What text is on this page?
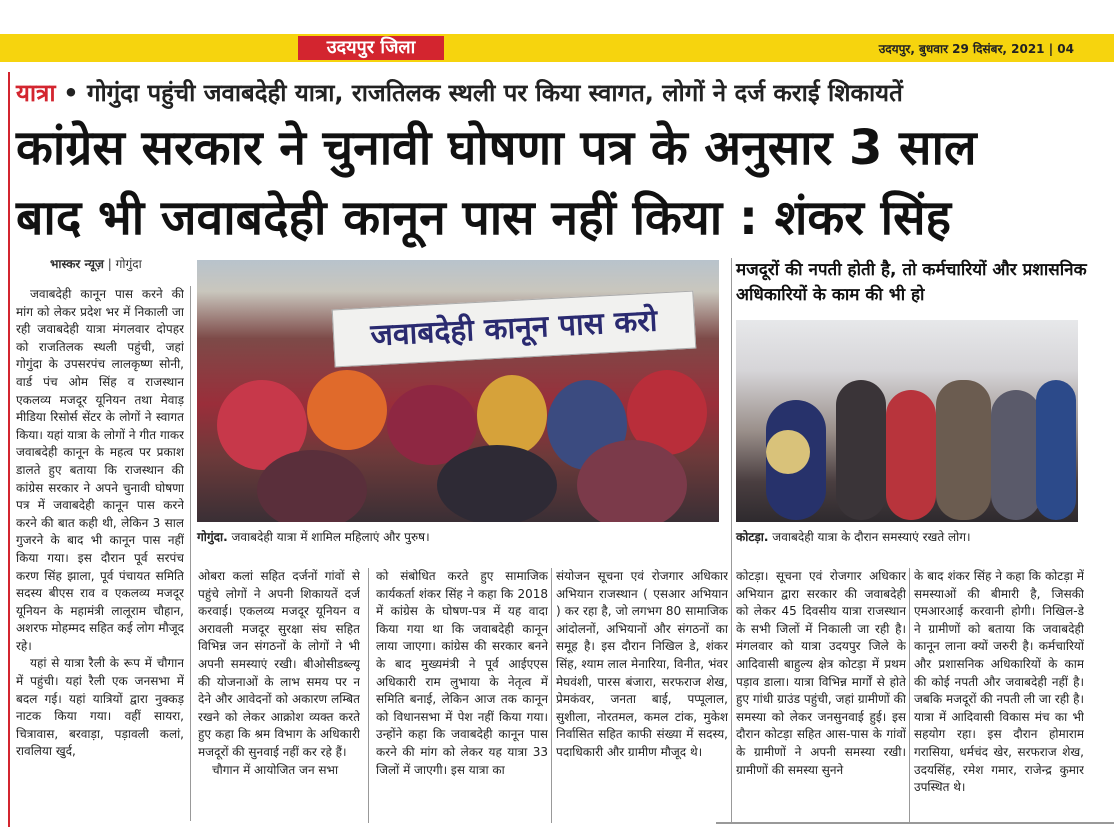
उदयपुर जिला	उदयपुर, बुधवार 29 दिसंबर, 2021 | 04
यात्रा • गोगुंदा पहुंची जवाबदेही यात्रा, राजतिलक स्थली पर किया स्वागत, लोगों ने दर्ज कराई शिकायतें
कांग्रेस सरकार ने चुनावी घोषणा पत्र के अनुसार 3 साल
बाद भी जवाबदेही कानून पास नहीं किया : शंकर सिंह
भास्कर न्यूज़ | गोगुंदा
जवाबदेही कानून पास करो
गोगुंदा. जवाबदेही यात्रा में शामिल महिलाएं और पुरुष।
मजदूरों की नपती होती है, तो कर्मचारियों और प्रशासनिक अधिकारियों के काम की भी हो
कोटड़ा. जवाबदेही यात्रा के दौरान समस्याएं रखते लोग।

जवाबदेही कानून पास करने की मांग को लेकर प्रदेश भर में निकाली जा रही जवाबदेही यात्रा मंगलवार दोपहर को राजतिलक स्थली पहुंची, जहां गोगुंदा के उपसरपंच लालकृष्ण सोनी, वार्ड पंच ओम सिंह व राजस्थान एकलव्य मजदूर यूनियन तथा मेवाड़ मीडिया रिसोर्स सेंटर के लोगों ने स्वागत किया। यहां यात्रा के लोगों ने गीत गाकर जवाबदेही कानून के महत्व पर प्रकाश डालते हुए बताया कि राजस्थान की कांग्रेस सरकार ने अपने चुनावी घोषणा पत्र में जवाबदेही कानून पास करने करने की बात कही थी, लेकिन 3 साल गुजरने के बाद भी कानून पास नहीं किया गया। इस दौरान पूर्व सरपंच करण सिंह झाला, पूर्व पंचायत समिति सदस्य बीएस राव व एकलव्य मजदूर यूनियन के महामंत्री लालूराम चौहान, अशरफ मोहम्मद सहित कई लोग मौजूद रहे।

यहां से यात्रा रैली के रूप में चौगान में पहुंची। यहां रैली एक जनसभा में बदल गई। यहां यात्रियों द्वारा नुक्कड़ नाटक किया गया। वहीं सायरा, चित्रावास, बरवाड़ा, पड़ावली कलां, रावलिया खुर्द,

ओबरा कलां सहित दर्जनों गांवों से पहुंचे लोगों ने अपनी शिकायतें दर्ज करवाई। एकलव्य मजदूर यूनियन व अरावली मजदूर सुरक्षा संघ सहित विभिन्न जन संगठनों के लोगों ने भी अपनी समस्याएं रखी। बीओसीडब्ल्यू की योजनाओं के लाभ समय पर न देने और आवेदनों को अकारण लम्बित रखने को लेकर आक्रोश व्यक्त करते हुए कहा कि श्रम विभाग के अधिकारी मजदूरों की सुनवाई नहीं कर रहे हैं।

चौगान में आयोजित जन सभा

को संबोधित करते हुए सामाजिक कार्यकर्ता शंकर सिंह ने कहा कि 2018 में कांग्रेस के घोषण-पत्र में यह वादा किया गया था कि जवाबदेही कानून लाया जाएगा। कांग्रेस की सरकार बनने के बाद मुख्यमंत्री ने पूर्व आईएएस अधिकारी राम लुभाया के नेतृत्व में समिति बनाई, लेकिन आज तक कानून को विधानसभा में पेश नहीं किया गया। उन्होंने कहा कि जवाबदेही कानून पास करने की मांग को लेकर यह यात्रा 33 जिलों में जाएगी। इस यात्रा का

संयोजन सूचना एवं रोजगार अधिकार अभियान राजस्थान ( एसआर अभियान ) कर रहा है, जो लगभग 80 सामाजिक आंदोलनों, अभियानों और संगठनों का समूह है। इस दौरान निखिल डे, शंकर सिंह, श्याम लाल मेनारिया, विनीत, भंवर मेघवंशी, पारस बंजारा, सरफराज शेख, प्रेमकंवर, जनता बाई, पप्पूलाल, सुशीला, नोरतमल, कमल टांक, मुकेश निर्वासित सहित काफी संख्या में सदस्य, पदाधिकारी और ग्रामीण मौजूद थे।

कोटड़ा। सूचना एवं रोजगार अधिकार अभियान द्वारा सरकार की जवाबदेही को लेकर 45 दिवसीय यात्रा राजस्थान के सभी जिलों में निकाली जा रही है। मंगलवार को यात्रा उदयपुर जिले के आदिवासी बाहुल्य क्षेत्र कोटड़ा में प्रथम पड़ाव डाला। यात्रा विभिन्न मार्गों से होते हुए गांधी ग्राउंड पहुंची, जहां ग्रामीणों की समस्या को लेकर जनसुनवाई हुई। इस दौरान कोटड़ा सहित आस-पास के गांवों के ग्रामीणों ने अपनी समस्या रखी। ग्रामीणों की समस्या सुनने

के बाद शंकर सिंह ने कहा कि कोटड़ा में समस्याओं की बीमारी है, जिसकी एमआरआई करवानी होगी। निखिल-डे ने ग्रामीणों को बताया कि जवाबदेही कानून लाना क्यों जरुरी है। कर्मचारियों और प्रशासनिक अधिकारियों के काम की कोई नपती और जवाबदेही नहीं है। जबकि मजदूरों की नपती ली जा रही है। यात्रा में आदिवासी विकास मंच का भी सहयोग रहा। इस दौरान होमाराम गरासिया, धर्मचंद खेर, सरफराज शेख, उदयसिंह, रमेश गमार, राजेन्द्र कुमार उपस्थित थे।
